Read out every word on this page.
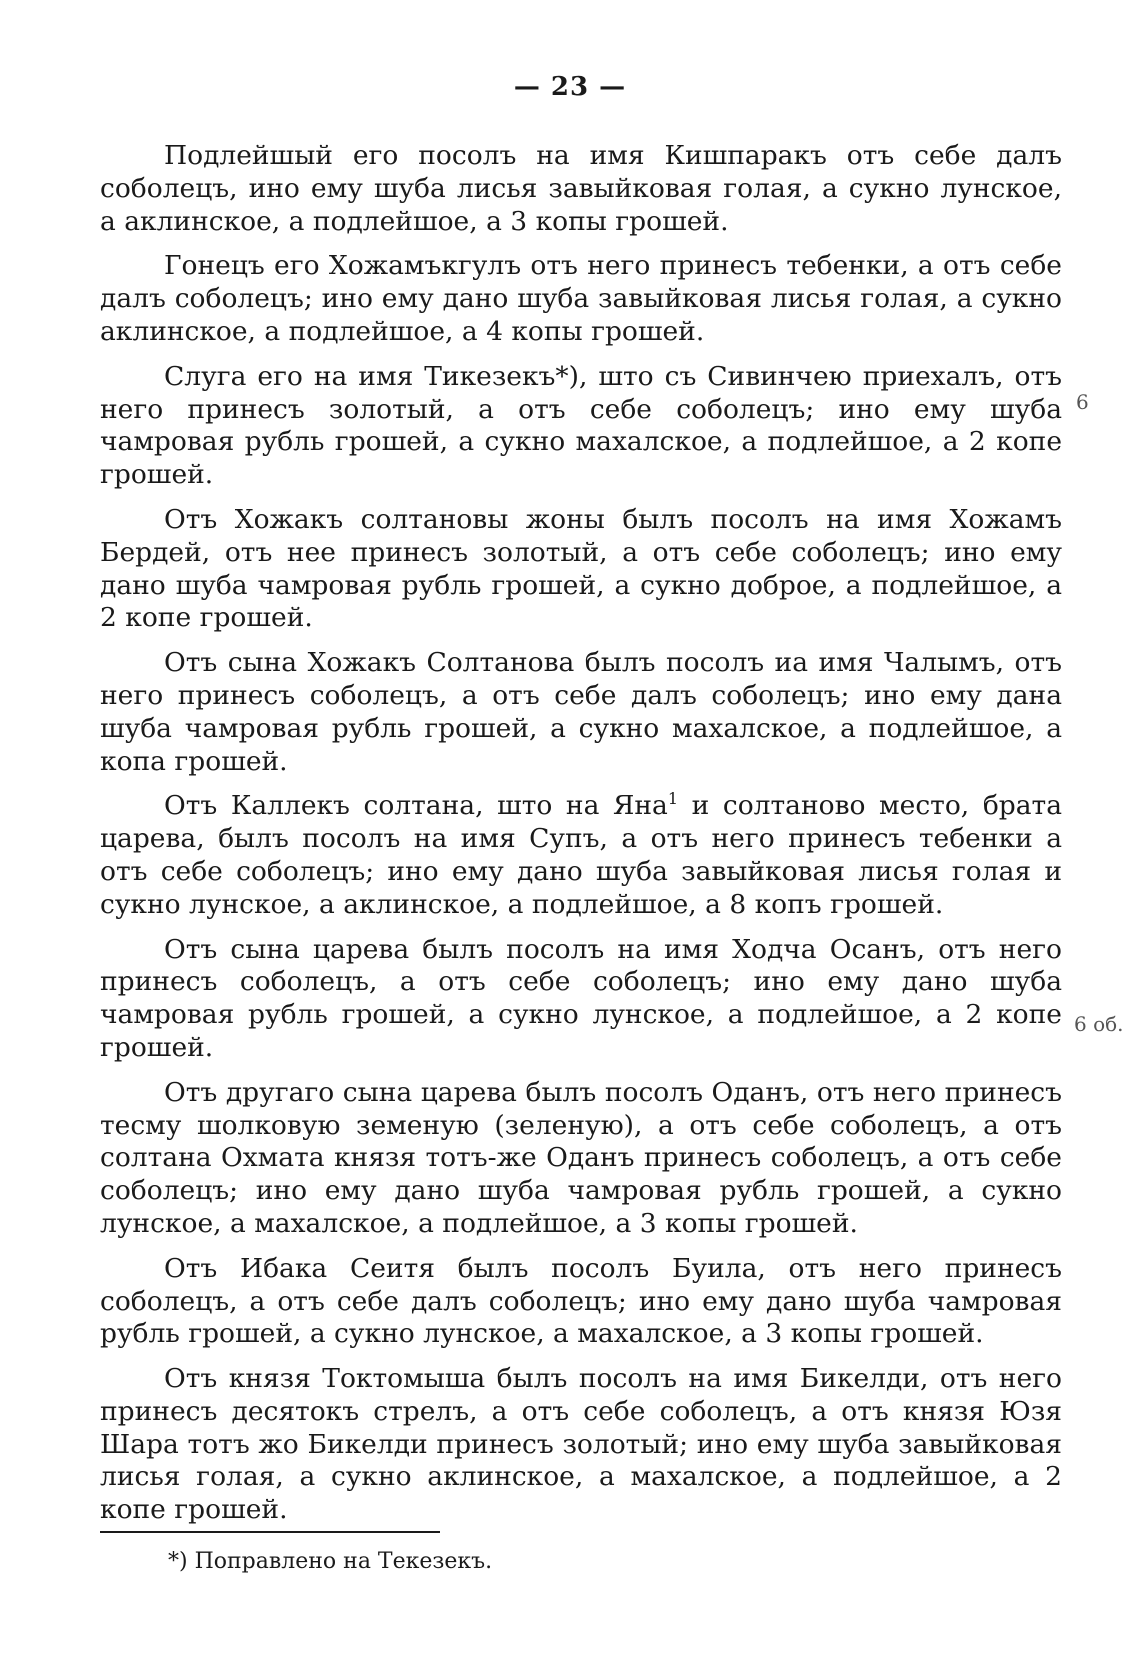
— 23 —

Подлейшый его посолъ на имя Кишпаракъ отъ себе далъ соболецъ, ино ему шуба лисья завыйковая голая, а сукно лунское, а аклинское, а подлейшое, а 3 копы грошей.

Гонецъ его Хожамъкгулъ отъ него принесъ тебенки, а отъ себе далъ соболецъ; ино ему дано шуба завыйковая лисья голая, а сукно аклинское, а подлейшое, а 4 копы грошей.

Слуга его на имя Тикезекъ*), што съ Сивинчею приехалъ, отъ него принесъ золотый, а отъ себе соболецъ; ино ему шуба чамровая рубль грошей, а сукно махалское, а подлейшое, а 2 копе грошей.

Отъ Хожакъ солтановы жоны былъ посолъ на имя Хожамъ Бердей, отъ нее принесъ золотый, а отъ себе соболецъ; ино ему дано шуба чамровая рубль грошей, а сукно доброе, а подлейшое, а 2 копе грошей.

Отъ сына Хожакъ Солтанова былъ посолъ иа имя Чалымъ, отъ него принесъ соболецъ, а отъ себе далъ соболецъ; ино ему дана шуба чамровая рубль грошей, а сукно махалское, а подлейшое, а копа грошей.

Отъ Каллекъ солтана, што на Яна$^1$ и солтаново место, брата царева, былъ посолъ на имя Супъ, а отъ него принесъ тебенки а отъ себе соболецъ; ино ему дано шуба завыйковая лисья голая и сукно лунское, а аклинское, а подлейшое, а 8 копъ грошей.

Отъ сына царева былъ посолъ на имя Ходча Осанъ, отъ него принесъ соболецъ, а отъ себе соболецъ; ино ему дано шуба чамровая рубль грошей, а сукно лунское, а подлейшое, а 2 копе грошей.

Отъ другаго сына царева былъ посолъ Оданъ, отъ него принесъ тесму шолковую земеную (зеленую), а отъ себе соболецъ, а отъ солтана Охмата князя тотъ-же Оданъ принесъ соболецъ, а отъ себе соболецъ; ино ему дано шуба чамровая рубль грошей, а сукно лунское, а махалское, а подлейшое, а 3 копы грошей.

Отъ Ибака Сеитя былъ посолъ Буила, отъ него принесъ соболецъ, а отъ себе далъ соболецъ; ино ему дано шуба чамровая рубль грошей, а сукно лунское, а махалское, а 3 копы грошей.

Отъ князя Токтомыша былъ посолъ на имя Бикелди, отъ него принесъ десятокъ стрелъ, а отъ себе соболецъ, а отъ князя Юзя Шара тотъ жо Бикелди принесъ золотый; ино ему шуба завыйковая лисья голая, а сукно аклинское, а махалское, а подлейшое, а 2 копе грошей.

6
6 об.
*) Поправлено на Текезекъ.
